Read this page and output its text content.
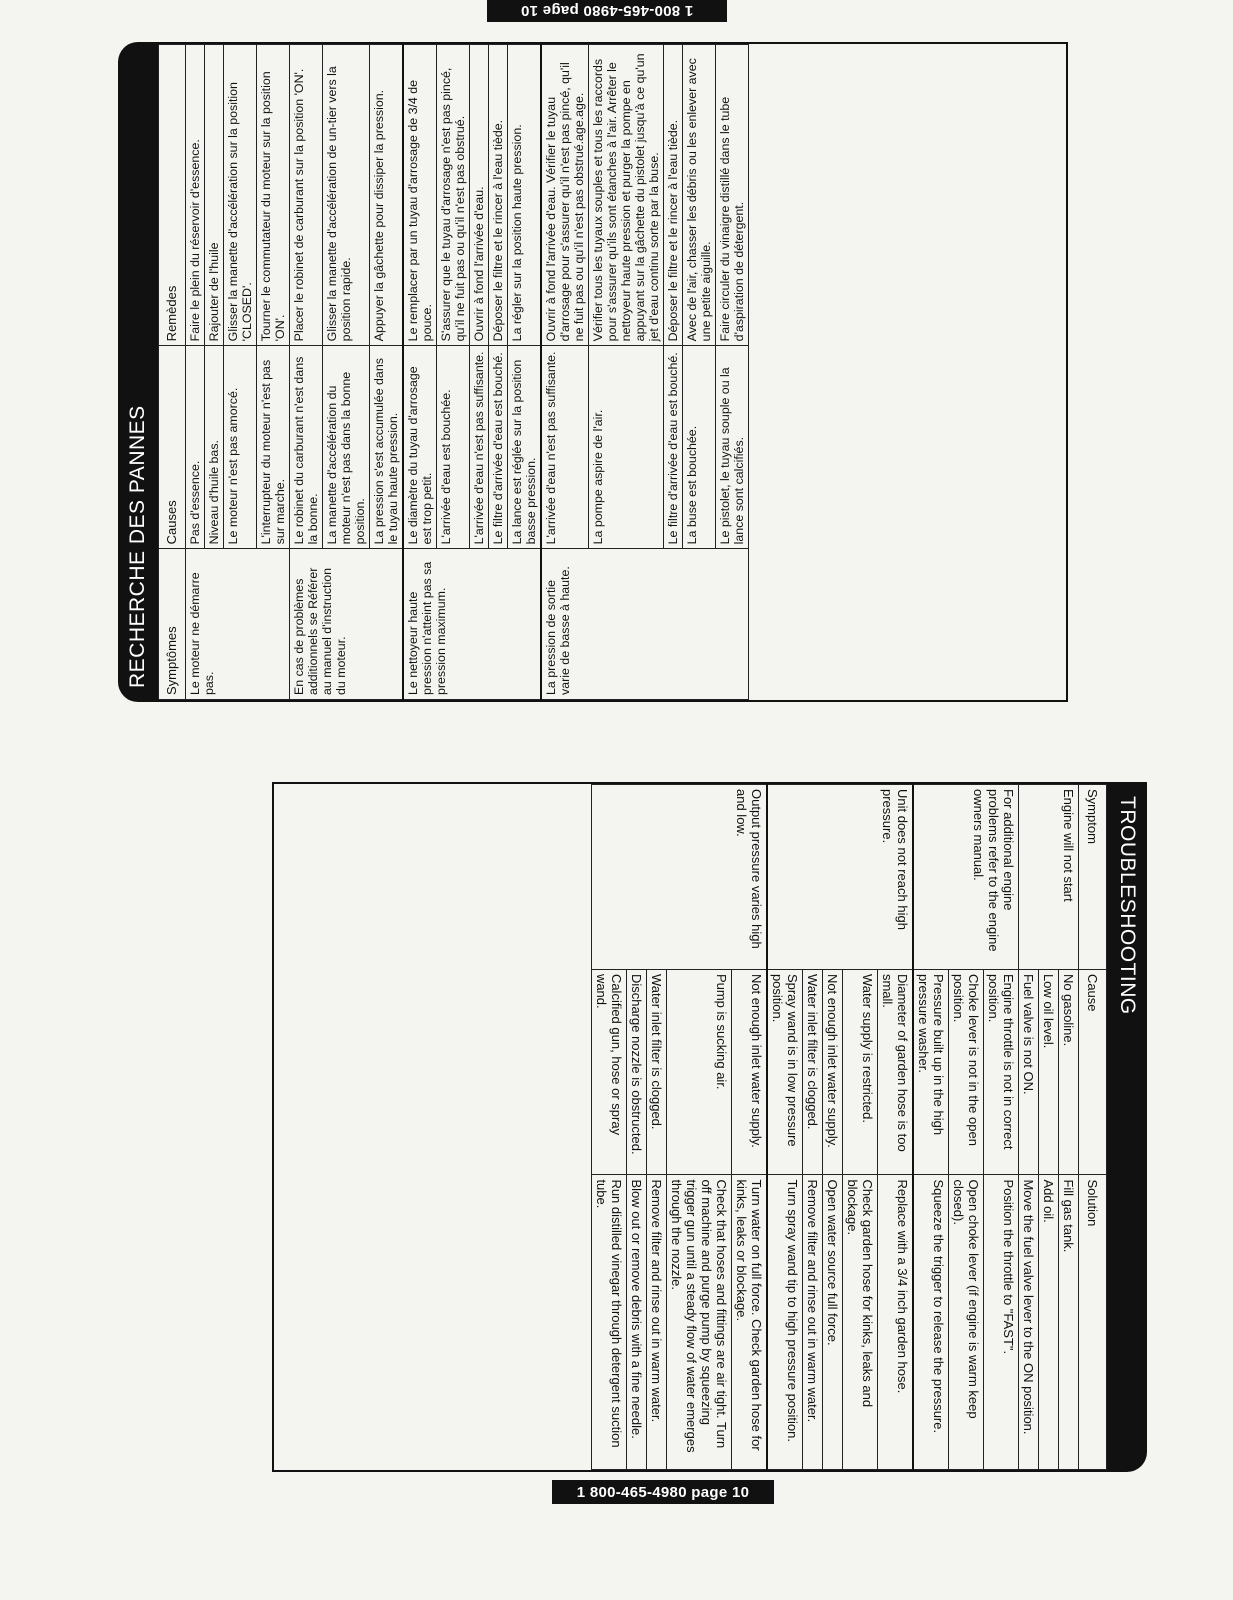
1 800-465-4980 page 10
1 800-465-4980 page 10
RECHERCHE DES PANNES Symptômes	Causes	Remèdes
Le moteur ne démarre pas.	Pas d'essence.	Faire le plein du réservoir d'essence.
	Niveau d'huile bas.	Rajouter de l'huile
	Le moteur n'est pas amorcé.	Glisser la manette d'accélération sur la position 'CLOSED'.
	L'interrupteur du moteur n'est pas sur marche.	Tourner le commutateur du moteur sur la position 'ON'.
En cas de problèmes additionnels se Référer au manuel d'instruction du moteur.	Le robinet du carburant n'est dans la bonne.	Placer le robinet de carburant sur la position 'ON'.
	La manette d'accélération du moteur n'est pas dans la bonne position.	Glisser la manette d'accélération de un-tier vers la position rapide.
	La pression s'est accumulée dans le tuyau haute pression.	Appuyer la gâchette pour dissiper la pression.
Le nettoyeur haute pression n'atteint pas sa pression maximum.	Le diamètre du tuyau d'arrosage est trop petit.	Le remplacer par un tuyau d'arrosage de 3/4 de pouce.
	L'arrivée d'eau est bouchée.	S'assurer que le tuyau d'arrosage n'est pas pincé, qu'il ne fuit pas ou qu'il n'est pas obstrué.
	L'arrivée d'eau n'est pas suffisante.	Ouvrir à fond l'arrivée d'eau.
	Le filtre d'arrivée d'eau est bouché.	Déposer le filtre et le rincer à l'eau tiède.
	La lance est réglée sur la position basse pression.	La régler sur la position haute pression.
La pression de sortie varie de basse à haute.	L'arrivée d'eau n'est pas suffisante.	Ouvrir à fond l'arrivée d'eau. Vérifier le tuyau d'arrosage pour s'assurer qu'il n'est pas pincé, qu'il ne fuit pas ou qu'il n'est pas obstrué.age.age.
	La pompe aspire de l'air.	Vérifier tous les tuyaux souples et tous les raccords pour s'assurer qu'ils sont étanches à l'air. Arrêter le nettoyeur haute pression et purger la pompe en appuyant sur la gâchette du pistolet jusqu'à ce qu'un jet d'eau continu sorte par la buse.
	Le filtre d'arrivée d'eau est bouché.	Déposer le filtre et le rincer à l'eau tiède.
	La buse est bouchée.	Avec de l'air, chasser les débris ou les enlever avec une petite aiguille.
	Le pistolet, le tuyau souple ou la lance sont calcifiés.	Faire circuler du vinaigre distillé dans le tube d'aspiration de détergent.
TROUBLESHOOTING
Symptom	Cause	Solution
Engine will not start	No gasoline.	Fill gas tank.
	Low oil level.	Add oil.
	Fuel valve is not ON.	Move the fuel valve lever to the ON position.
For additional engine problems refer to the engine owners manual.	Engine throttle is not in correct position.	Position the throttle to "FAST".
	Choke lever is not in the open position.	Open choke lever (if engine is warm keep closed).
	Pressure built up in the high pressure washer.	Squeeze the trigger to release the pressure.
Unit does not reach high pressure.	Diameter of garden hose is too small.	Replace with a 3/4 inch garden hose.
	Water supply is restricted.	Check garden hose for kinks, leaks and blockage.
	Not enough inlet water supply.	Open water source full force.
	Water inlet filter is clogged.	Remove filter and rinse out in warm water.
	Spray wand is in low pressure position.	Turn spray wand tip to high pressure position.
Output pressure varies high and low.	Not enough inlet water supply.	Turn water on full force. Check garden hose for kinks, leaks or blockage.
	Pump is sucking air.	Check that hoses and fittings are air tight. Turn off machine and purge pump by squeezing trigger gun until a steady flow of water emerges through the nozzle.
	Water inlet filter is clogged.	Remove filter and rinse out in warm water.
	Discharge nozzle is obstructed.	Blow out or remove debris with a fine needle.
	Calcified gun, hose or spray wand.	Run distilled vinegar through detergent suction tube.
